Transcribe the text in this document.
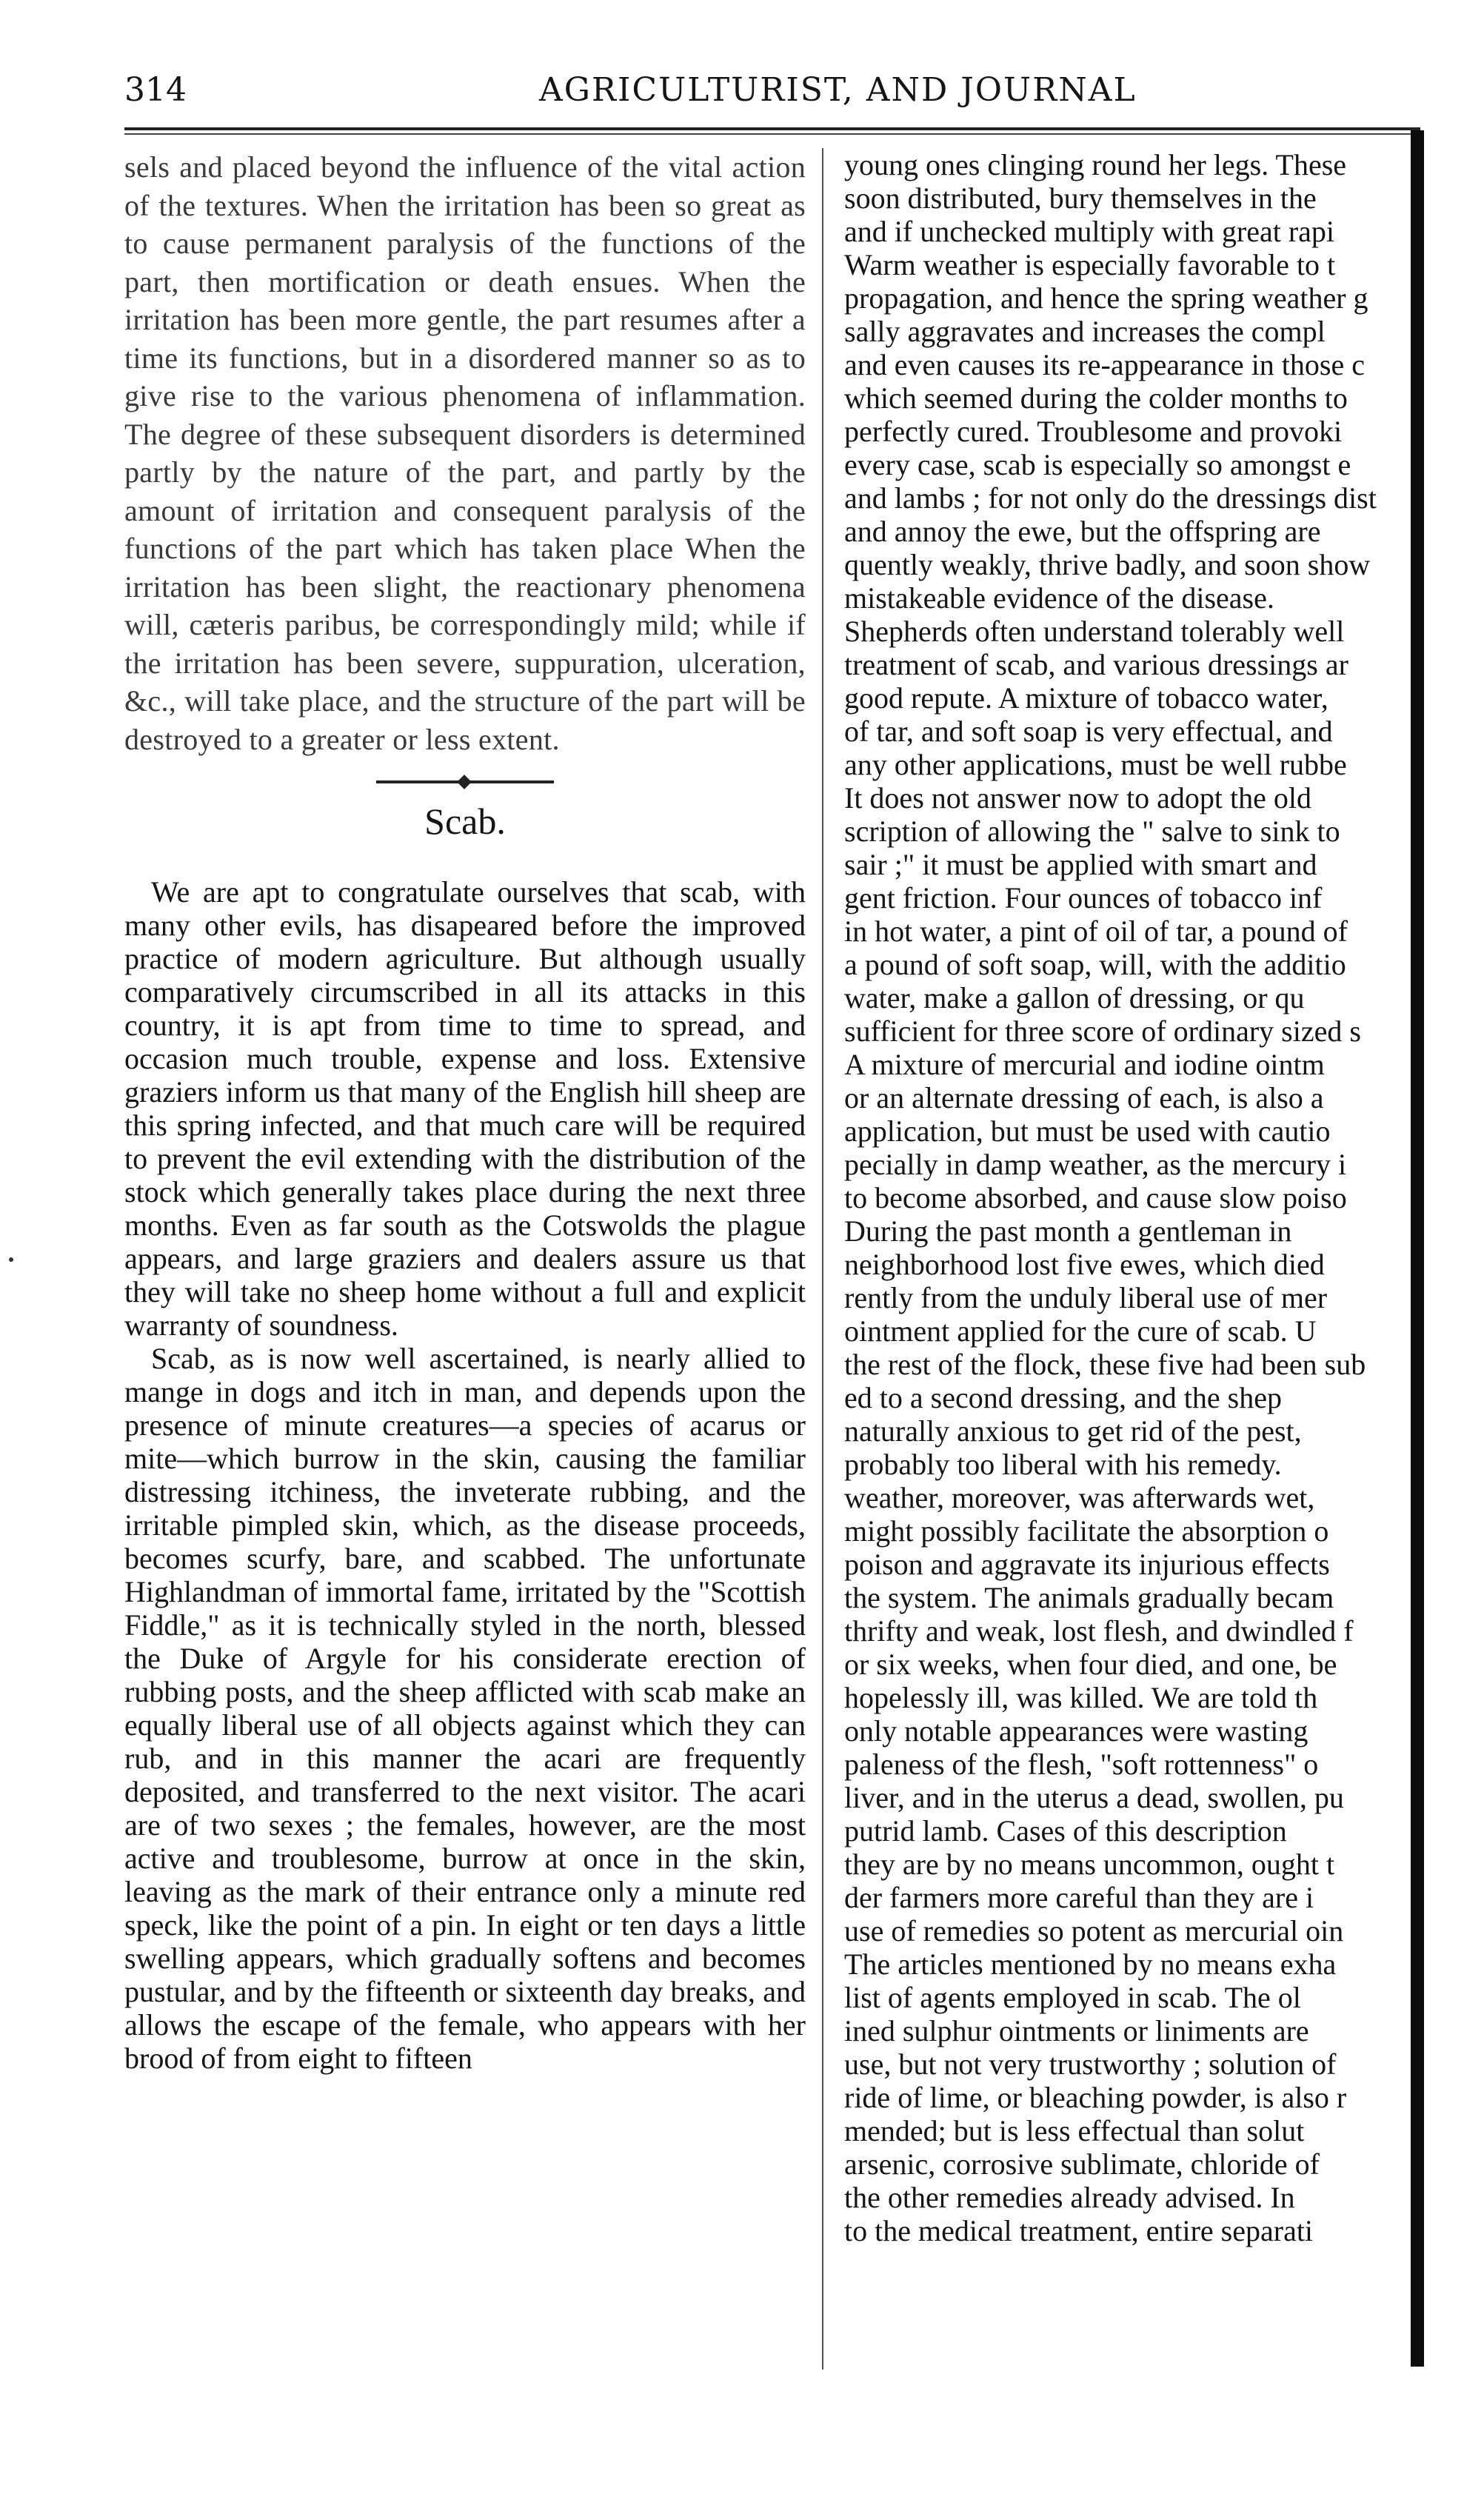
314	AGRICULTURIST, AND JOURNAL

sels and placed beyond the influence of the vital action of the textures. When the irritation has been so great as to cause permanent paralysis of the functions of the part, then mortification or death ensues. When the irritation has been more gentle, the part resumes after a time its functions, but in a disordered manner so as to give rise to the various phenomena of inflammation. The degree of these subsequent disorders is determined partly by the nature of the part, and partly by the amount of irritation and consequent paralysis of the functions of the part which has taken place When the irritation has been slight, the reactionary phenomena will, cæteris paribus, be correspondingly mild; while if the irritation has been severe, suppuration, ulceration, &c., will take place, and the structure of the part will be destroyed to a greater or less extent.

Scab.

We are apt to congratulate ourselves that scab, with many other evils, has disapeared before the improved practice of modern agriculture. But although usually comparatively circumscribed in all its attacks in this country, it is apt from time to time to spread, and occasion much trouble, expense and loss. Extensive graziers inform us that many of the English hill sheep are this spring infected, and that much care will be required to prevent the evil extending with the distribution of the stock which generally takes place during the next three months. Even as far south as the Cotswolds the plague appears, and large graziers and dealers assure us that they will take no sheep home without a full and explicit warranty of soundness.

Scab, as is now well ascertained, is nearly allied to mange in dogs and itch in man, and depends upon the presence of minute creatures—a species of acarus or mite—which burrow in the skin, causing the familiar distressing itchiness, the inveterate rubbing, and the irritable pimpled skin, which, as the disease proceeds, becomes scurfy, bare, and scabbed. The unfortunate Highlandman of immortal fame, irritated by the "Scottish Fiddle," as it is technically styled in the north, blessed the Duke of Argyle for his considerate erection of rubbing posts, and the sheep afflicted with scab make an equally liberal use of all objects against which they can rub, and in this manner the acari are frequently deposited, and transferred to the next visitor. The acari are of two sexes ; the females, however, are the most active and troublesome, burrow at once in the skin, leaving as the mark of their entrance only a minute red speck, like the point of a pin. In eight or ten days a little swelling appears, which gradually softens and becomes pustular, and by the fifteenth or sixteenth day breaks, and allows the escape of the female, who appears with her brood of from eight to fifteen

young ones clinging round her legs. These
soon distributed, bury themselves in the
and if unchecked multiply with great rapi
Warm weather is especially favorable to t
propagation, and hence the spring weather g
sally aggravates and increases the compl
and even causes its re-appearance in those c
which seemed during the colder months to
perfectly cured. Troublesome and provoki
every case, scab is especially so amongst e
and lambs ; for not only do the dressings dist
and annoy the ewe, but the offspring are
quently weakly, thrive badly, and soon show
mistakeable evidence of the disease.
Shepherds often understand tolerably well
treatment of scab, and various dressings ar
good repute. A mixture of tobacco water,
of tar, and soft soap is very effectual, and
any other applications, must be well rubbe
It does not answer now to adopt the old
scription of allowing the " salve to sink to
sair ;" it must be applied with smart and
gent friction. Four ounces of tobacco inf
in hot water, a pint of oil of tar, a pound of
a pound of soft soap, will, with the additio
water, make a gallon of dressing, or qu
sufficient for three score of ordinary sized s
A mixture of mercurial and iodine ointm
or an alternate dressing of each, is also a
application, but must be used with cautio
pecially in damp weather, as the mercury i
to become absorbed, and cause slow poiso
During the past month a gentleman in
neighborhood lost five ewes, which died
rently from the unduly liberal use of mer
ointment applied for the cure of scab. U
the rest of the flock, these five had been sub
ed to a second dressing, and the shep
naturally anxious to get rid of the pest,
probably too liberal with his remedy.
weather, moreover, was afterwards wet,
might possibly facilitate the absorption o
poison and aggravate its injurious effects
the system. The animals gradually becam
thrifty and weak, lost flesh, and dwindled f
or six weeks, when four died, and one, be
hopelessly ill, was killed. We are told th
only notable appearances were wasting
paleness of the flesh, "soft rottenness" o
liver, and in the uterus a dead, swollen, pu
putrid lamb. Cases of this description
they are by no means uncommon, ought t
der farmers more careful than they are i
use of remedies so potent as mercurial oin
The articles mentioned by no means exha
list of agents employed in scab. The ol
ined sulphur ointments or liniments are
use, but not very trustworthy ; solution of
ride of lime, or bleaching powder, is also r
mended; but is less effectual than solut
arsenic, corrosive sublimate, chloride of
the other remedies already advised. In
to the medical treatment, entire separati
